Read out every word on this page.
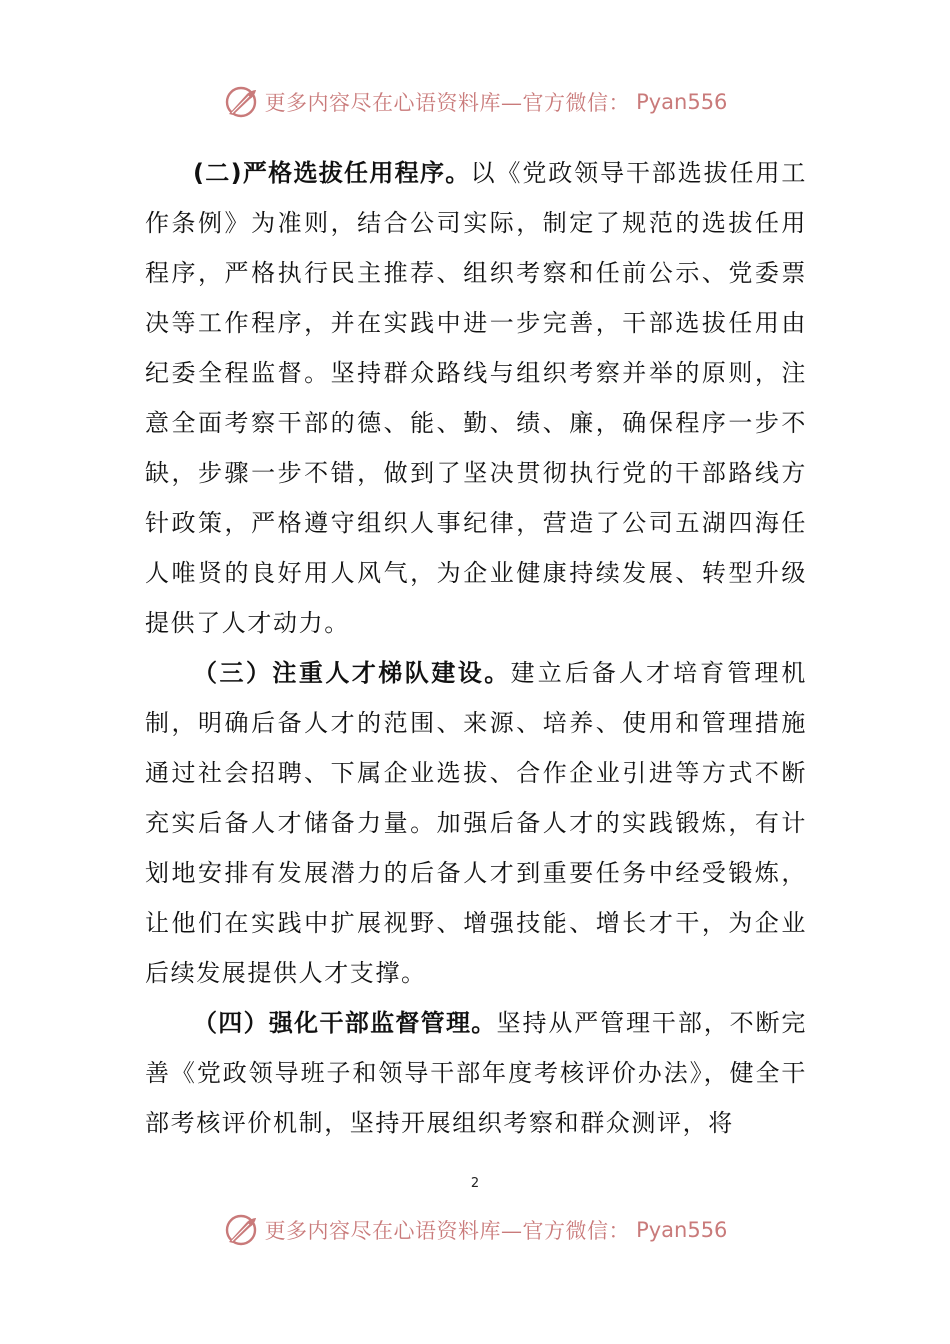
更多内容尽在心语资料库—官方微信： Pyan556

(二)严格选拔任用程序。以《党政领导干部选拔任用工作条例》为准则，结合公司实际，制定了规范的选拔任用程序，严格执行民主推荐、组织考察和任前公示、党委票决等工作程序，并在实践中进一步完善，干部选拔任用由纪委全程监督。坚持群众路线与组织考察并举的原则，注意全面考察干部的德、能、勤、绩、廉，确保程序一步不缺，步骤一步不错，做到了坚决贯彻执行党的干部路线方针政策，严格遵守组织人事纪律，营造了公司五湖四海任人唯贤的良好用人风气，为企业健康持续发展、转型升级提供了人才动力。

（三）注重人才梯队建设。建立后备人才培育管理机制，明确后备人才的范围、来源、培养、使用和管理措施通过社会招聘、下属企业选拔、合作企业引进等方式不断充实后备人才储备力量。加强后备人才的实践锻炼，有计划地安排有发展潜力的后备人才到重要任务中经受锻炼，让他们在实践中扩展视野、增强技能、增长才干，为企业后续发展提供人才支撑。

（四）强化干部监督管理。坚持从严管理干部，不断完善《党政领导班子和领导干部年度考核评价办法》，健全干部考核评价机制，坚持开展组织考察和群众测评，将

2
更多内容尽在心语资料库—官方微信： Pyan556
